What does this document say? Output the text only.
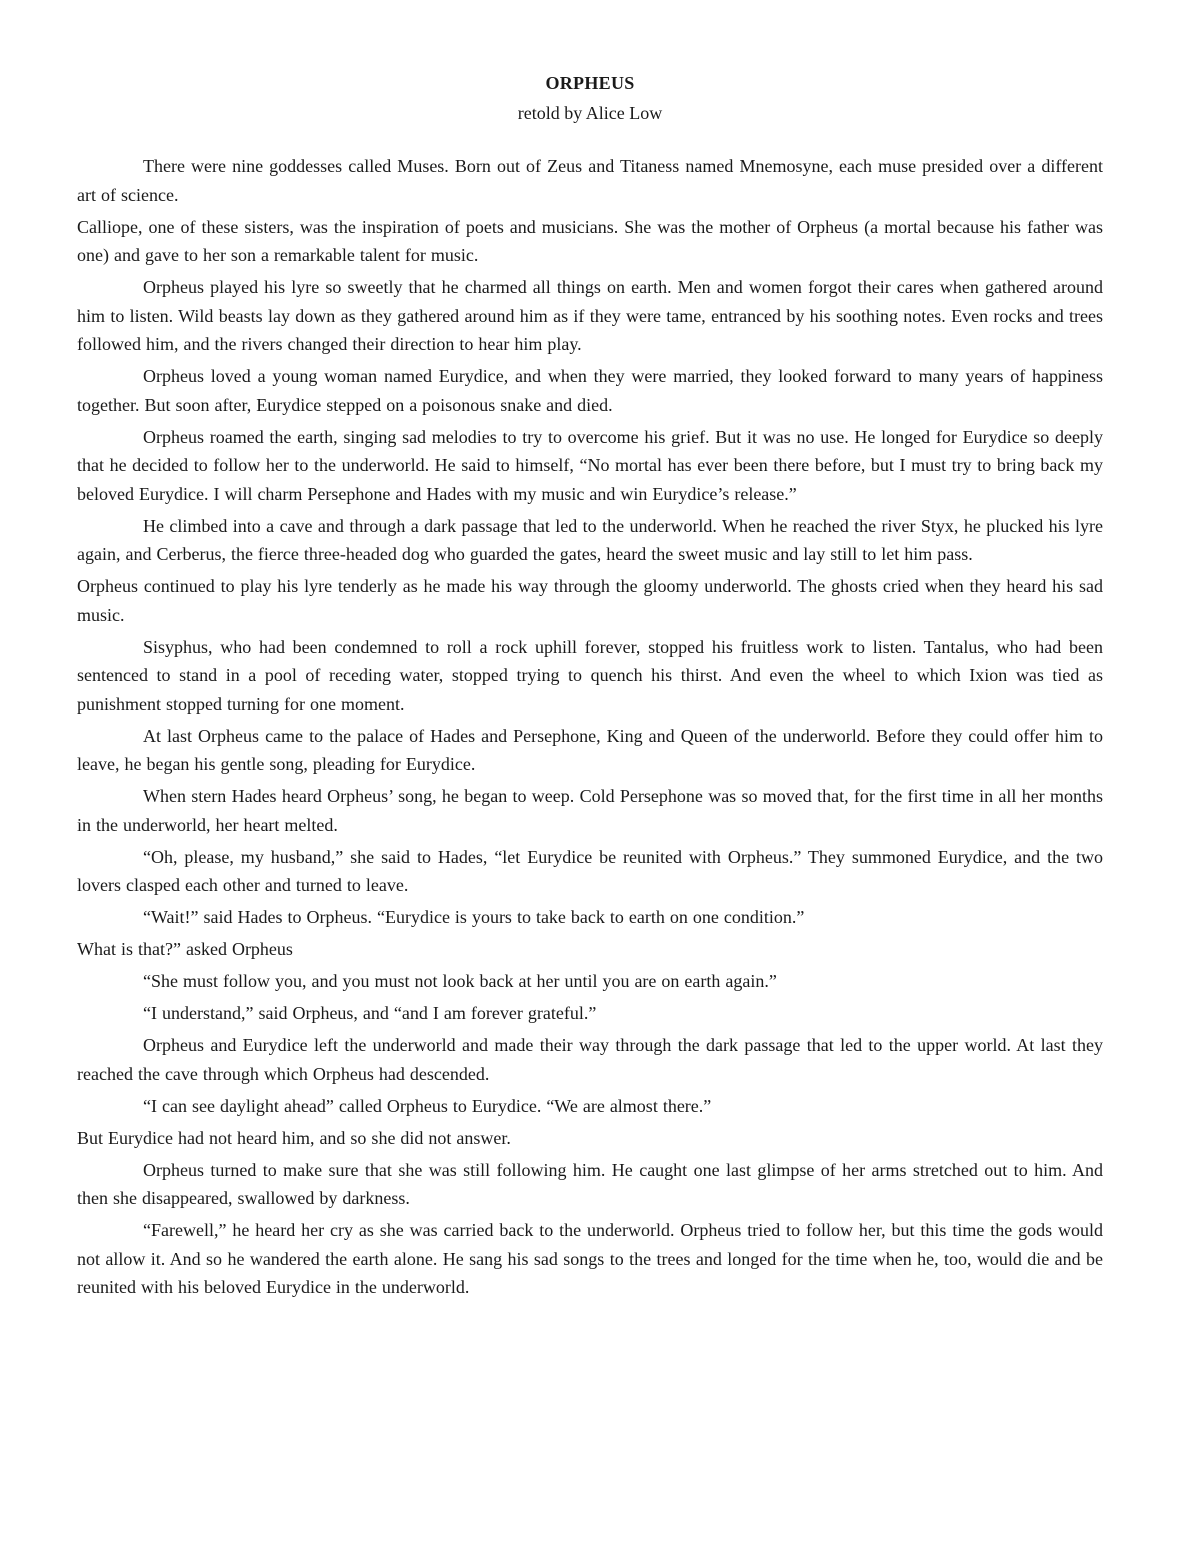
ORPHEUS
retold by Alice Low

There were nine goddesses called Muses. Born out of Zeus and Titaness named Mnemosyne, each muse presided over a different art of science.

Calliope, one of these sisters, was the inspiration of poets and musicians. She was the mother of Orpheus (a mortal because his father was one) and gave to her son a remarkable talent for music.

Orpheus played his lyre so sweetly that he charmed all things on earth. Men and women forgot their cares when gathered around him to listen. Wild beasts lay down as they gathered around him as if they were tame, entranced by his soothing notes. Even rocks and trees followed him, and the rivers changed their direction to hear him play.

Orpheus loved a young woman named Eurydice, and when they were married, they looked forward to many years of happiness together. But soon after, Eurydice stepped on a poisonous snake and died.

Orpheus roamed the earth, singing sad melodies to try to overcome his grief. But it was no use. He longed for Eurydice so deeply that he decided to follow her to the underworld. He said to himself, “No mortal has ever been there before, but I must try to bring back my beloved Eurydice. I will charm Persephone and Hades with my music and win Eurydice’s release.”

He climbed into a cave and through a dark passage that led to the underworld. When he reached the river Styx, he plucked his lyre again, and Cerberus, the fierce three-headed dog who guarded the gates, heard the sweet music and lay still to let him pass.

Orpheus continued to play his lyre tenderly as he made his way through the gloomy underworld. The ghosts cried when they heard his sad music.

Sisyphus, who had been condemned to roll a rock uphill forever, stopped his fruitless work to listen. Tantalus, who had been sentenced to stand in a pool of receding water, stopped trying to quench his thirst. And even the wheel to which Ixion was tied as punishment stopped turning for one moment.

At last Orpheus came to the palace of Hades and Persephone, King and Queen of the underworld. Before they could offer him to leave, he began his gentle song, pleading for Eurydice.

When stern Hades heard Orpheus’ song, he began to weep. Cold Persephone was so moved that, for the first time in all her months in the underworld, her heart melted.

“Oh, please, my husband,” she said to Hades, “let Eurydice be reunited with Orpheus.” They summoned Eurydice, and the two lovers clasped each other and turned to leave.

“Wait!” said Hades to Orpheus. “Eurydice is yours to take back to earth on one condition.”

What is that?” asked Orpheus

“She must follow you, and you must not look back at her until you are on earth again.”

“I understand,” said Orpheus, and “and I am forever grateful.”

Orpheus and Eurydice left the underworld and made their way through the dark passage that led to the upper world. At last they reached the cave through which Orpheus had descended.

“I can see daylight ahead” called Orpheus to Eurydice. “We are almost there.”

But Eurydice had not heard him, and so she did not answer.

Orpheus turned to make sure that she was still following him. He caught one last glimpse of her arms stretched out to him. And then she disappeared, swallowed by darkness.

“Farewell,” he heard her cry as she was carried back to the underworld. Orpheus tried to follow her, but this time the gods would not allow it. And so he wandered the earth alone. He sang his sad songs to the trees and longed for the time when he, too, would die and be reunited with his beloved Eurydice in the underworld.
